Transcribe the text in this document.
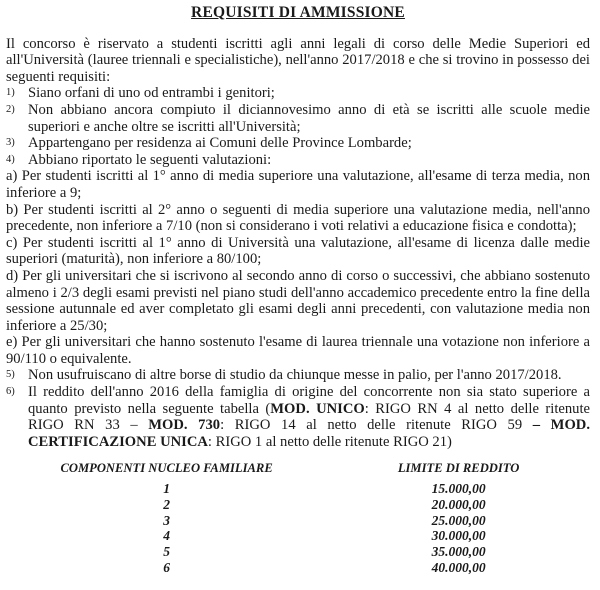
REQUISITI DI AMMISSIONE

Il concorso è riservato a studenti iscritti agli anni legali di corso delle Medie Superiori ed all'Università (lauree triennali e specialistiche), nell'anno 2017/2018 e che si trovino in possesso dei seguenti requisiti:

1) Siano orfani di uno od entrambi i genitori;
2) Non abbiano ancora compiuto il diciannovesimo anno di età se iscritti alle scuole medie superiori e anche oltre se iscritti all'Università;
3) Appartengano per residenza ai Comuni delle Province Lombarde;
4) Abbiano riportato le seguenti valutazioni:

a) Per studenti iscritti al 1° anno di media superiore una valutazione, all'esame di terza media, non inferiore a 9;

b) Per studenti iscritti al 2° anno o seguenti di media superiore una valutazione media, nell'anno precedente, non inferiore a 7/10 (non si considerano i voti relativi a educazione fisica e condotta);

c) Per studenti iscritti al 1° anno di Università una valutazione, all'esame di licenza dalle medie superiori (maturità), non inferiore a 80/100;

d) Per gli universitari che si iscrivono al secondo anno di corso o successivi, che abbiano sostenuto almeno i 2/3 degli esami previsti nel piano studi dell'anno accademico precedente entro la fine della sessione autunnale ed aver completato gli esami degli anni precedenti, con valutazione media non inferiore a 25/30;

e) Per gli universitari che hanno sostenuto l'esame di laurea triennale una votazione non inferiore a 90/110 o equivalente.

5) Non usufruiscano di altre borse di studio da chiunque messe in palio, per l'anno 2017/2018.
6) Il reddito dell'anno 2016 della famiglia di origine del concorrente non sia stato superiore a quanto previsto nella seguente tabella (MOD. UNICO: RIGO RN 4 al netto delle ritenute RIGO RN 33 – MOD. 730: RIGO 14 al netto delle ritenute RIGO 59 – MOD. CERTIFICAZIONE UNICA: RIGO 1 al netto delle ritenute RIGO 21)
COMPONENTI NUCLEO FAMILIARE	LIMITE DI REDDITO
1	15.000,00
2	20.000,00
3	25.000,00
4	30.000,00
5	35.000,00
6	40.000,00
